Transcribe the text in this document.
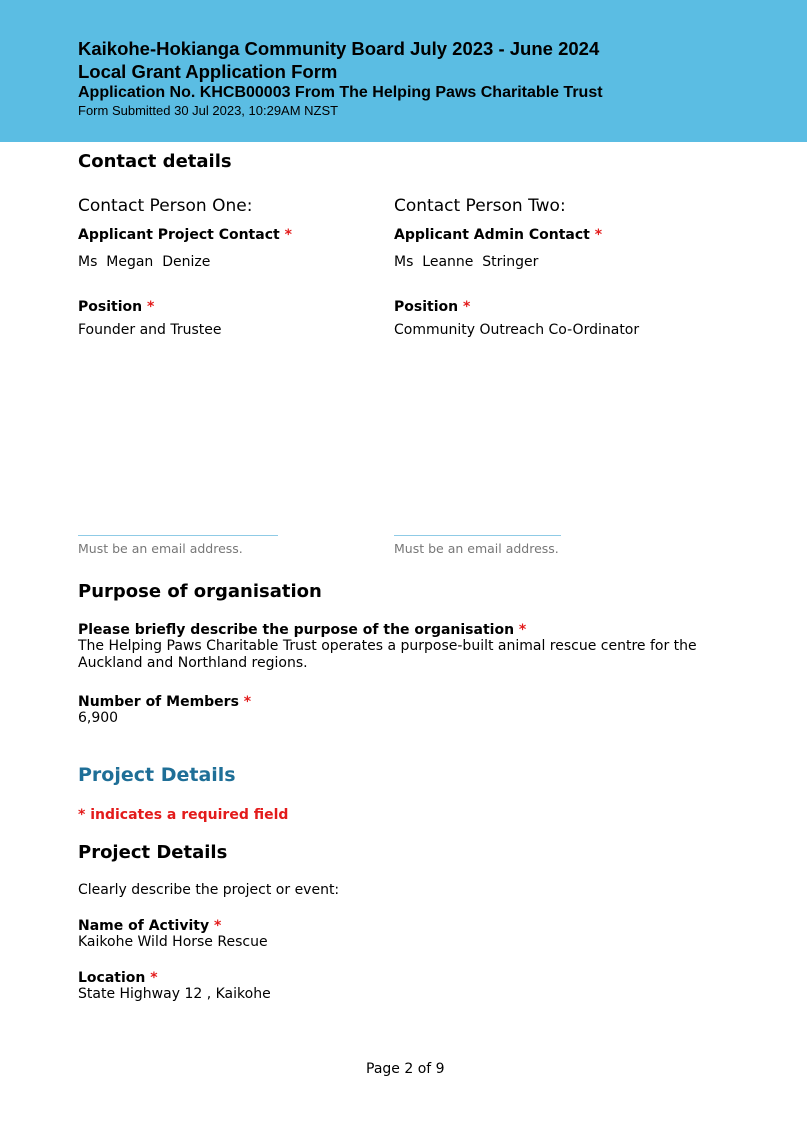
Kaikohe-Hokianga Community Board July 2023 - June 2024
Local Grant Application Form
Application No. KHCB00003 From The Helping Paws Charitable Trust
Form Submitted 30 Jul 2023, 10:29AM NZST
Contact details
Contact Person One:	Contact Person Two:
Applicant Project Contact *	Applicant Admin Contact *
Ms  Megan  Denize	Ms  Leanne  Stringer
Position *	Position *
Founder and Trustee	Community Outreach Co-Ordinator
Must be an email address.	Must be an email address.
Purpose of organisation
Please briefly describe the purpose of the organisation *
The Helping Paws Charitable Trust operates a purpose-built animal rescue centre for the Auckland and Northland regions.
Number of Members *
6,900
Project Details
* indicates a required field
Project Details
Clearly describe the project or event:
Name of Activity *
Kaikohe Wild Horse Rescue
Location *
State Highway 12 , Kaikohe
Page 2 of 9
